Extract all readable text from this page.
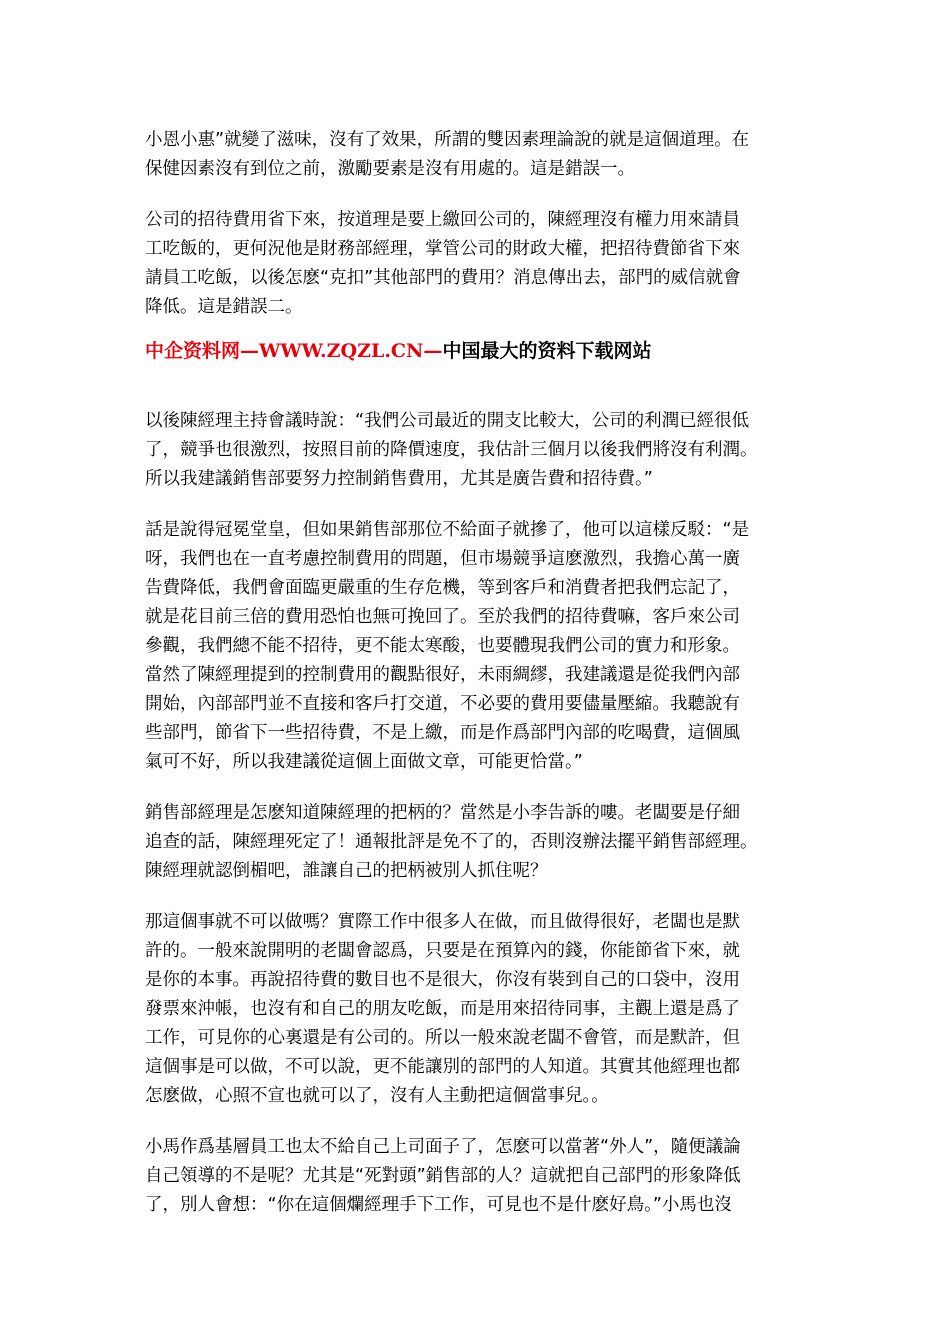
小恩小惠”就變了滋味，沒有了效果，所謂的雙因素理論說的就是這個道理。在
保健因素沒有到位之前，激勵要素是沒有用處的。這是錯誤一。

公司的招待費用省下來，按道理是要上繳回公司的，陳經理沒有權力用來請員
工吃飯的，更何況他是財務部經理，掌管公司的財政大權，把招待費節省下來
請員工吃飯，以後怎麽“克扣”其他部門的費用？消息傳出去，部門的威信就會
降低。這是錯誤二。

中企资料网—WWW.ZQZL.CN—中国最大的资料下载网站

以後陳經理主持會議時說：“我們公司最近的開支比較大，公司的利潤已經很低
了，競爭也很激烈，按照目前的降價速度，我估計三個月以後我們將沒有利潤。
所以我建議銷售部要努力控制銷售費用，尤其是廣告費和招待費。”

話是說得冠冕堂皇，但如果銷售部那位不給面子就摻了，他可以這樣反駁：“是
呀，我們也在一直考慮控制費用的問題，但市場競爭這麽激烈，我擔心萬一廣
告費降低，我們會面臨更嚴重的生存危機，等到客戶和消費者把我們忘記了，
就是花目前三倍的費用恐怕也無可挽回了。至於我們的招待費嘛，客戶來公司
參觀，我們總不能不招待，更不能太寒酸，也要體現我們公司的實力和形象。
當然了陳經理提到的控制費用的觀點很好，未雨綢繆，我建議還是從我們內部
開始，內部部門並不直接和客戶打交道，不必要的費用要儘量壓縮。我聽說有
些部門，節省下一些招待費，不是上繳，而是作爲部門內部的吃喝費，這個風
氣可不好，所以我建議從這個上面做文章，可能更恰當。”

銷售部經理是怎麽知道陳經理的把柄的？當然是小李告訴的嘍。老闆要是仔細
追查的話，陳經理死定了！通報批評是免不了的，否則沒辦法擺平銷售部經理。
陳經理就認倒楣吧，誰讓自己的把柄被別人抓住呢？

那這個事就不可以做嗎？實際工作中很多人在做，而且做得很好，老闆也是默
許的。一般來說開明的老闆會認爲，只要是在預算內的錢，你能節省下來，就
是你的本事。再說招待費的數目也不是很大，你沒有裝到自己的口袋中，沒用
發票來沖帳，也沒有和自己的朋友吃飯，而是用來招待同事，主觀上還是爲了
工作，可見你的心裏還是有公司的。所以一般來說老闆不會管，而是默許，但
這個事是可以做，不可以說，更不能讓別的部門的人知道。其實其他經理也都
怎麽做，心照不宣也就可以了，沒有人主動把這個當事兒。。

小馬作爲基層員工也太不給自己上司面子了，怎麽可以當著“外人”，隨便議論
自己領導的不是呢？尤其是“死對頭”銷售部的人？這就把自己部門的形象降低
了，別人會想：“你在這個爛經理手下工作，可見也不是什麽好鳥。”小馬也沒
